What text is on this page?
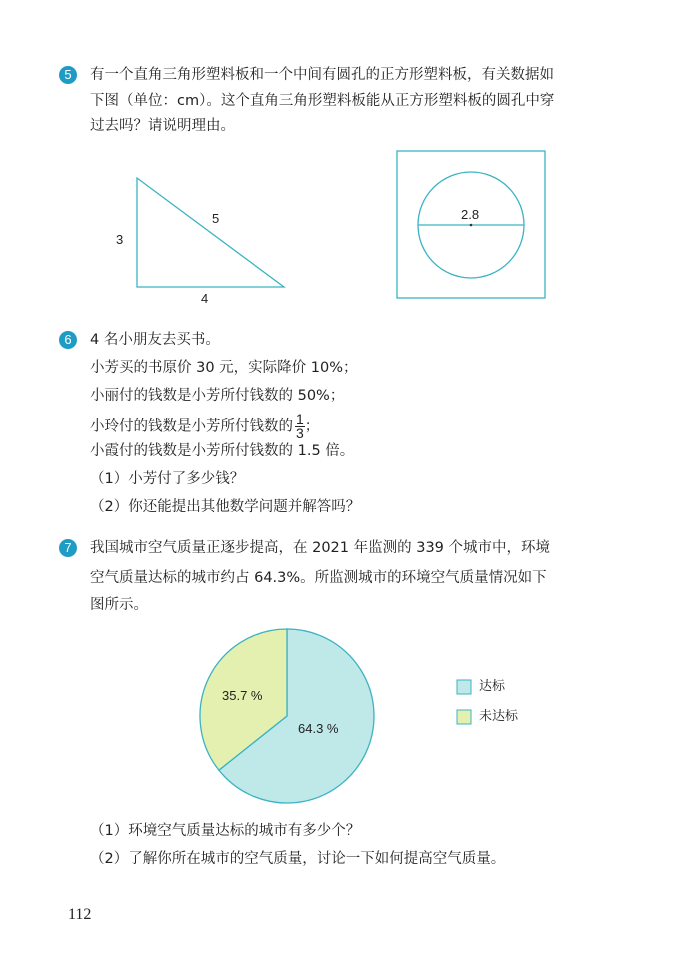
5	有一个直角三角形塑料板和一个中间有圆孔的正方形塑料板，有关数据如
下图（单位：cm）。这个直角三角形塑料板能从正方形塑料板的圆孔中穿
过去吗？请说明理由。
3
5
4
2.8
6	4 名小朋友去买书。
小芳买的书原价 30 元，实际降价 10%；
小丽付的钱数是小芳所付钱数的 50%；
小玲付的钱数是小芳所付钱数的 $\frac{1}{3}$ ；
小霞付的钱数是小芳所付钱数的 1.5 倍。
（1）小芳付了多少钱？
（2）你还能提出其他数学问题并解答吗？
7	我国城市空气质量正逐步提高，在 2021 年监测的 339 个城市中，环境
空气质量达标的城市约占 64.3%。所监测城市的环境空气质量情况如下
图所示。
35.7 %
64.3 %
达标
未达标
（1）环境空气质量达标的城市有多少个？
（2）了解你所在城市的空气质量，讨论一下如何提高空气质量。
112
